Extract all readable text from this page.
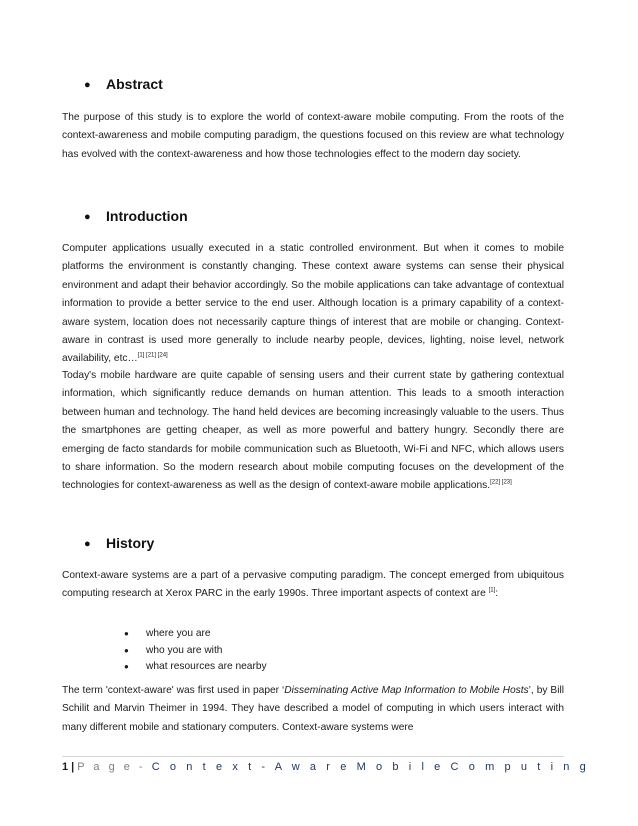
● Abstract
The purpose of this study is to explore the world of context-aware mobile computing. From the roots of the context-awareness and mobile computing paradigm, the questions focused on this review are what technology has evolved with the context-awareness and how those technologies effect to the modern day society.
● Introduction
Computer applications usually executed in a static controlled environment. But when it comes to mobile platforms the environment is constantly changing. These context aware systems can sense their physical environment and adapt their behavior accordingly. So the mobile applications can take advantage of contextual information to provide a better service to the end user. Although location is a primary capability of a context-aware system, location does not necessarily capture things of interest that are mobile or changing. Context-aware in contrast is used more generally to include nearby people, devices, lighting, noise level, network availability, etc…[1] [21] [24]
Today's mobile hardware are quite capable of sensing users and their current state by gathering contextual information, which significantly reduce demands on human attention. This leads to a smooth interaction between human and technology. The hand held devices are becoming increasingly valuable to the users. Thus the smartphones are getting cheaper, as well as more powerful and battery hungry. Secondly there are emerging de facto standards for mobile communication such as Bluetooth, Wi-Fi and NFC, which allows users to share information. So the modern research about mobile computing focuses on the development of the technologies for context-awareness as well as the design of context-aware mobile applications.[22] [23]
● History
Context-aware systems are a part of a pervasive computing paradigm. The concept emerged from ubiquitous computing research at Xerox PARC in the early 1990s. Three important aspects of context are [1]:
● where you are
● who you are with
● what resources are nearby
The term 'context-aware' was first used in paper ‘Disseminating Active Map Information to Mobile Hosts’, by Bill Schilit and Marvin Theimer in 1994. They have described a model of computing in which users interact with many different mobile and stationary computers. Context-aware systems were
1 | P a g e - C o n t e x t - A w a r e M o b i l e C o m p u t i n g
